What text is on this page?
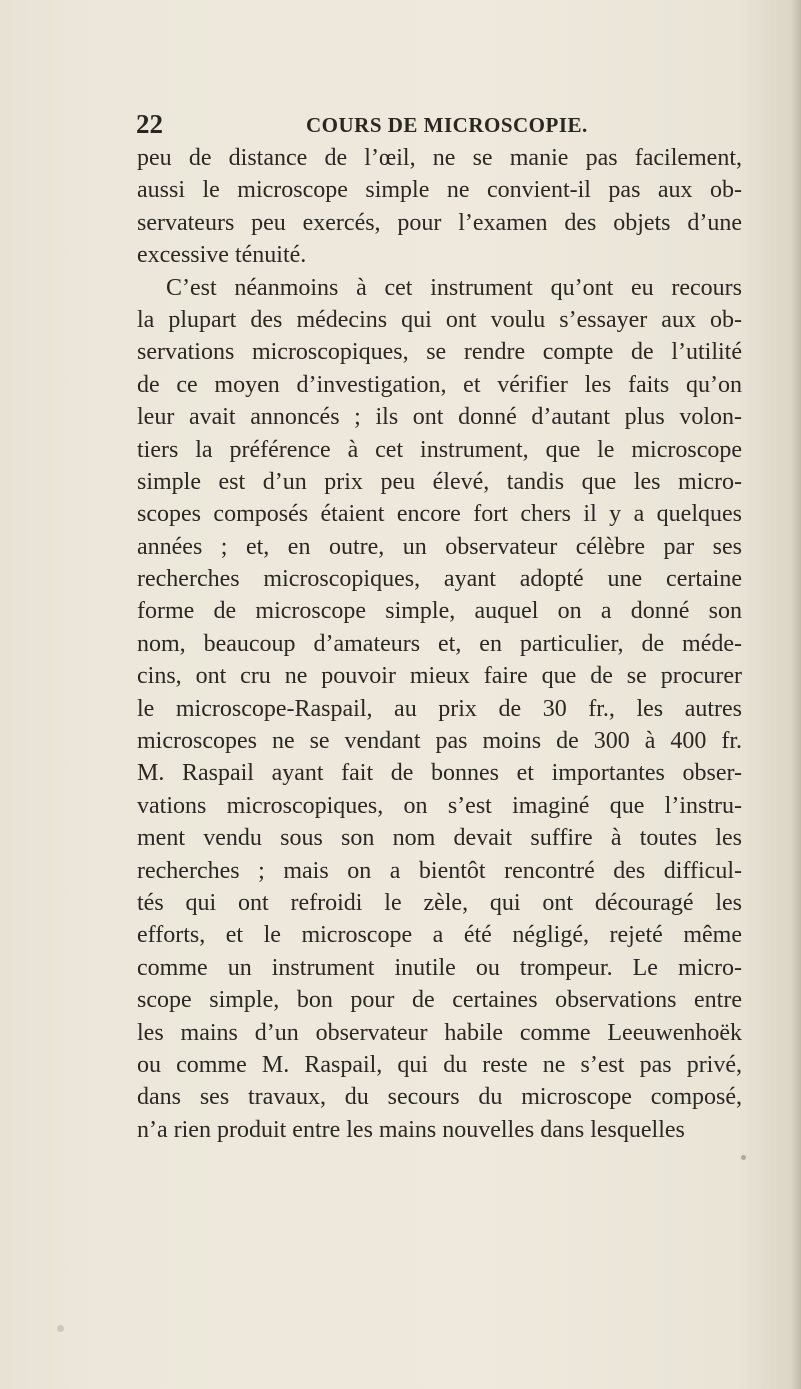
22	COURS DE MICROSCOPIE.
peu de distance de l’œil, ne se manie pas facilement,
aussi le microscope simple ne convient-il pas aux ob-
servateurs peu exercés, pour l’examen des objets d’une
excessive ténuité.
C’est néanmoins à cet instrument qu’ont eu recours
la plupart des médecins qui ont voulu s’essayer aux ob-
servations microscopiques, se rendre compte de l’utilité
de ce moyen d’investigation, et vérifier les faits qu’on
leur avait annoncés ; ils ont donné d’autant plus volon-
tiers la préférence à cet instrument, que le microscope
simple est d’un prix peu élevé, tandis que les micro-
scopes composés étaient encore fort chers il y a quelques
années ; et, en outre, un observateur célèbre par ses
recherches microscopiques, ayant adopté une certaine
forme de microscope simple, auquel on a donné son
nom, beaucoup d’amateurs et, en particulier, de méde-
cins, ont cru ne pouvoir mieux faire que de se procurer
le microscope-Raspail, au prix de 30 fr., les autres
microscopes ne se vendant pas moins de 300 à 400 fr.
M. Raspail ayant fait de bonnes et importantes obser-
vations microscopiques, on s’est imaginé que l’instru-
ment vendu sous son nom devait suffire à toutes les
recherches ; mais on a bientôt rencontré des difficul-
tés qui ont refroidi le zèle, qui ont découragé les
efforts, et le microscope a été négligé, rejeté même
comme un instrument inutile ou trompeur. Le micro-
scope simple, bon pour de certaines observations entre
les mains d’un observateur habile comme Leeuwenhoëk
ou comme M. Raspail, qui du reste ne s’est pas privé,
dans ses travaux, du secours du microscope composé,
n’a rien produit entre les mains nouvelles dans lesquelles
